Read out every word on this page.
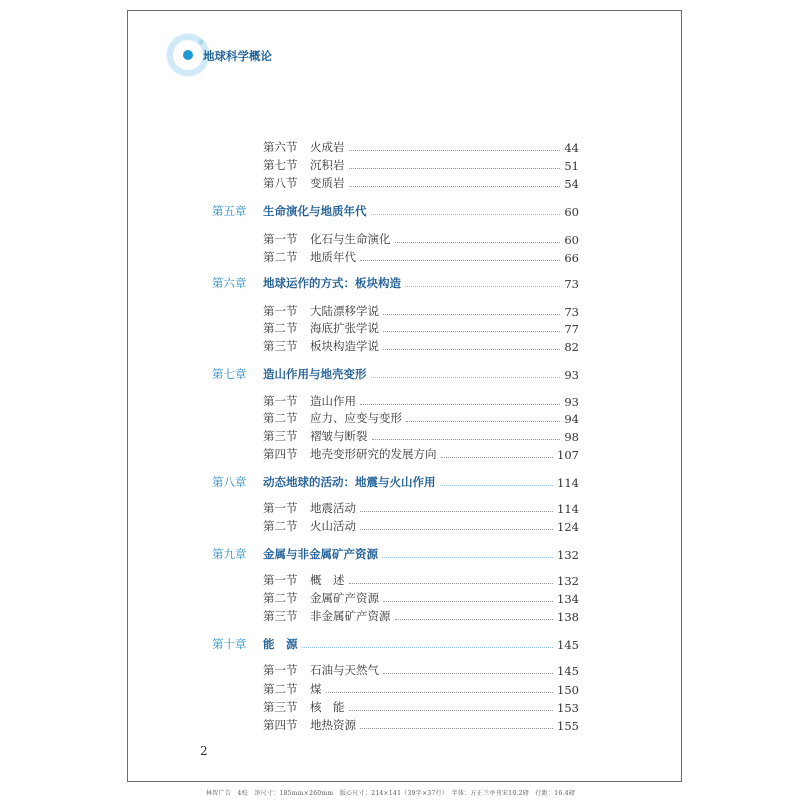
地球科学概论
第六节	火成岩	44
第七节	沉积岩	51
第八节	变质岩	54
第五章	生命演化与地质年代	60
第一节	化石与生命演化	60
第二节	地质年代	66
第六章	地球运作的方式：板块构造	73
第一节	大陆漂移学说	73
第二节	海底扩张学说	77
第三节	板块构造学说	82
第七章	造山作用与地壳变形	93
第一节	造山作用	93
第二节	应力、应变与变形	94
第三节	褶皱与断裂	98
第四节	地壳变形研究的发展方向	107
第八章	动态地球的活动：地震与火山作用	114
第一节	地震活动	114
第二节	火山活动	124
第九章	金属与非金属矿产资源	132
第一节	概　述	132
第二节	金属矿产资源	134
第三节	非金属矿产资源	138
第十章	能　源	145
第一节	石油与天然气	145
第二节	煤	150
第三节	核　能	153
第四节	地热资源	155
2
林智广告　4校　净尺寸：185mm×260mm　版心尺寸：214×141（39字×37行）　字体：方正兰亭刊宋10.2磅　行距：16.4磅
